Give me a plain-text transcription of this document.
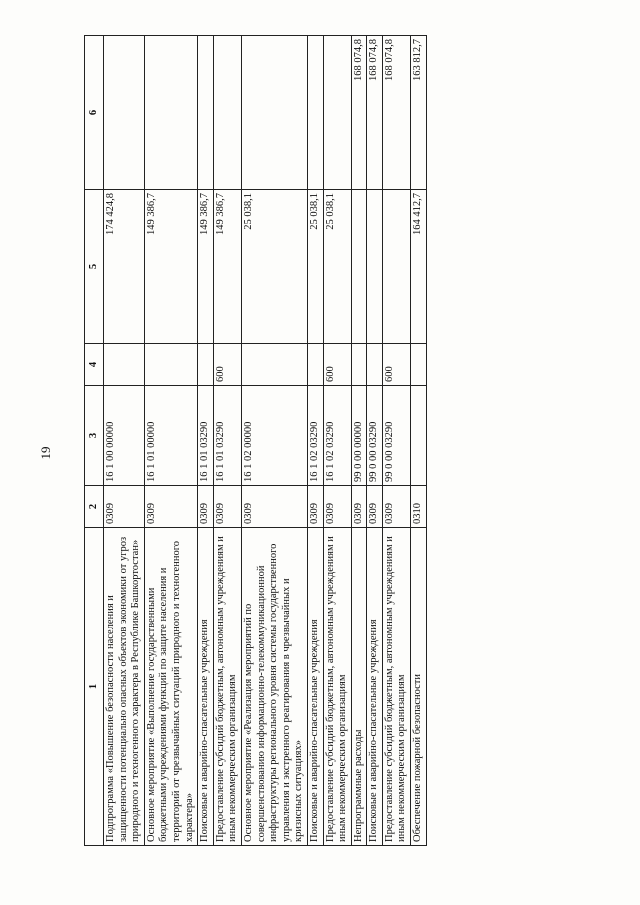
19
1	2	3	4	5	6
Подпрограмма «Повышение безопасности населения и защищенности потенциально опасных объектов экономики от угроз природного и техногенного характера в Республике Башкортостан»	0309	16 1 00 00000		174 424,8	
Основное мероприятие «Выполнение государственными бюджетными учреждениями функций по защите населения и территорий от чрезвычайных ситуаций природного и техногенного характера»	0309	16 1 01 00000		149 386,7	
Поисковые и аварийно-спасательные учреждения	0309	16 1 01 03290		149 386,7	
Предоставление субсидий бюджетным, автономным учреждениям и иным некоммерческим организациям	0309	16 1 01 03290	600	149 386,7	
Основное мероприятие «Реализация мероприятий по совершенствованию информационно-телекоммуникационной инфраструктуры регионального уровня системы государственного управления и экстренного реагирования в чрезвычайных и кризисных ситуациях»	0309	16 1 02 00000		25 038,1	
Поисковые и аварийно-спасательные учреждения	0309	16 1 02 03290		25 038,1	
Предоставление субсидий бюджетным, автономным учреждениям и иным некоммерческим организациям	0309	16 1 02 03290	600	25 038,1	
Непрограммные расходы	0309	99 0 00 00000			168 074,8
Поисковые и аварийно-спасательные учреждения	0309	99 0 00 03290			168 074,8
Предоставление субсидий бюджетным, автономным учреждениям и иным некоммерческим организациям	0309	99 0 00 03290	600		168 074,8
Обеспечение пожарной безопасности	0310			164 412,7	163 812,7
